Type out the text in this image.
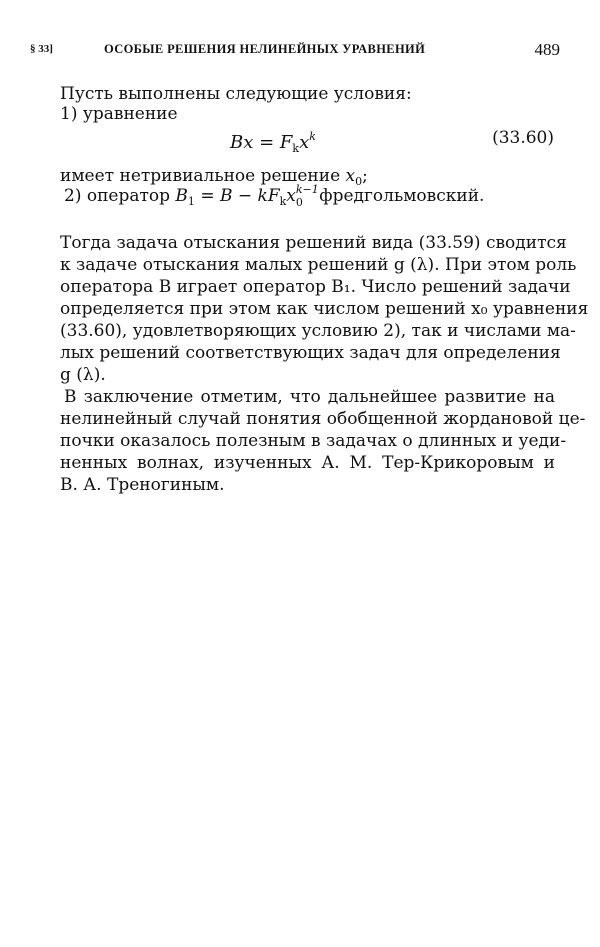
§ 33]	ОСОБЫЕ РЕШЕНИЯ НЕЛИНЕЙНЫХ УРАВНЕНИЙ	489

Пусть выполнены следующие условия:

1) уравнение

$Bx = F_kx^k$	(33.60)

имеет нетривиальное решение $x_0$;

2) оператор $B_1 = B - kF_kx$ k−1
0 фредгольмовский.

Тогда задача отыскания решений вида (33.59) сводится

к задаче отыскания малых решений g (λ). При этом роль

оператора B играет оператор B₁. Число решений задачи

определяется при этом как числом решений x₀ уравнения

(33.60), удовлетворяющих условию 2), так и числами ма-

лых решений соответствующих задач для определения

g (λ).

В заключение отметим, что дальнейшее развитие на

нелинейный случай понятия обобщенной жордановой це-

почки оказалось полезным в задачах о длинных и уеди-

ненных волнах, изученных А. М. Тер-Крикоровым и

В. А. Треногиным.
